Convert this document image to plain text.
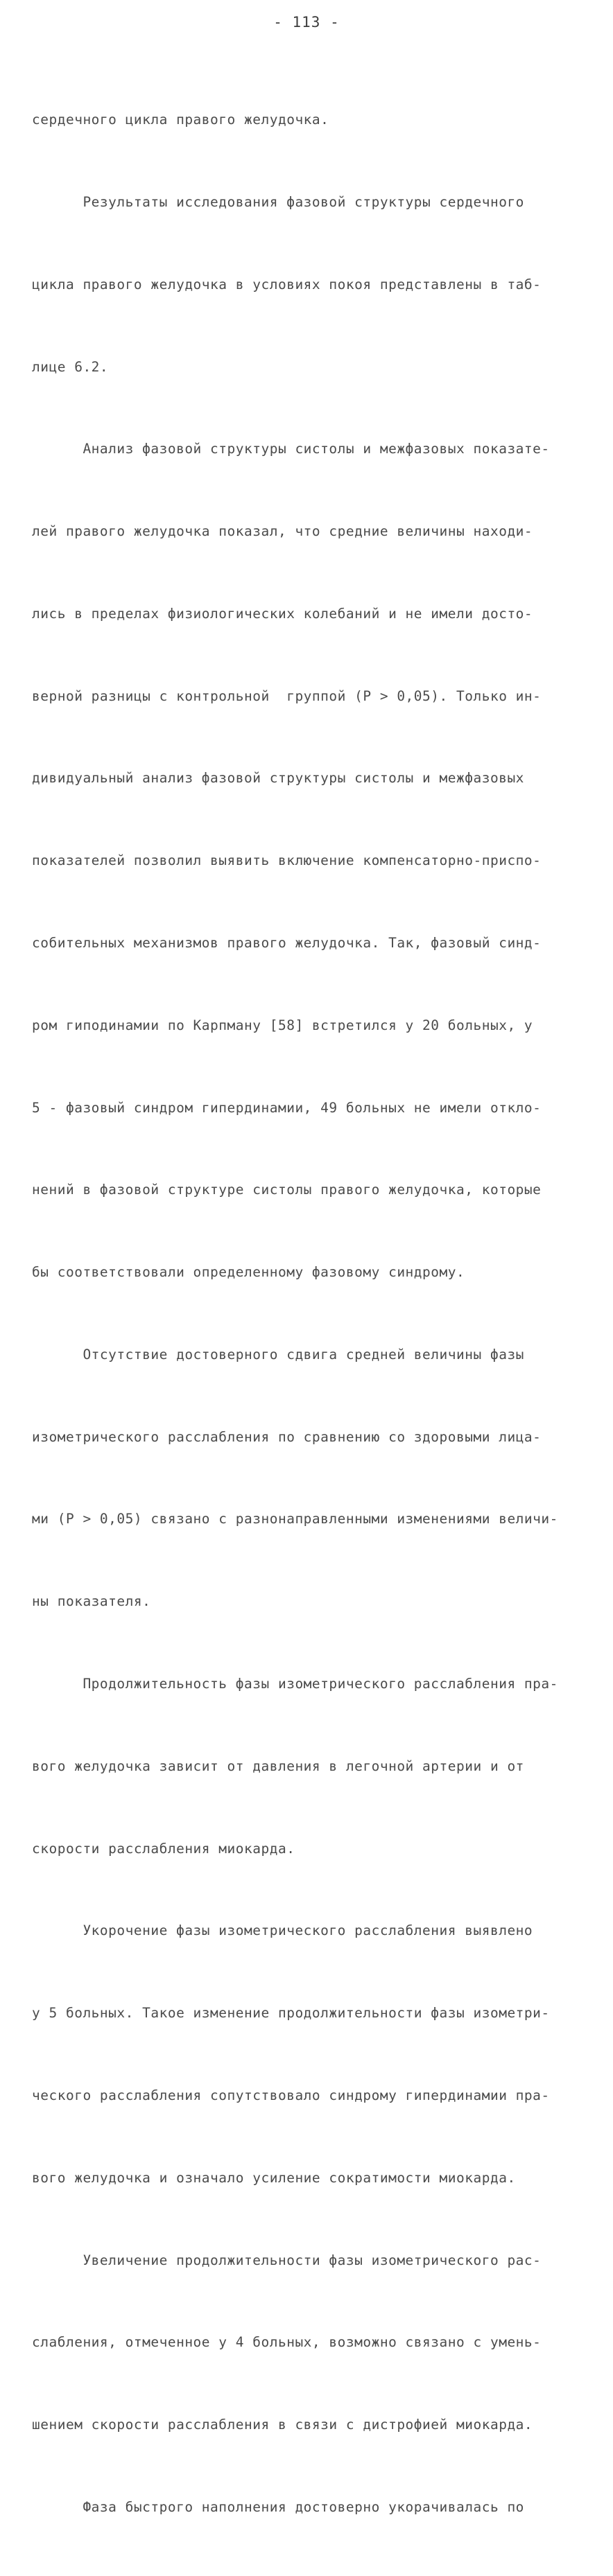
- 113 -

сердечного цикла правого желудочка.

Результаты исследования фазовой структуры сердечного

цикла правого желудочка в условиях покоя представлены в таб-

лице 6.2.

Анализ фазовой структуры систолы и межфазовых показате-

лей правого желудочка показал, что средние величины находи-

лись в пределах физиологических колебаний и не имели досто-

верной разницы с контрольной  группой (P > 0,05). Только ин-

дивидуальный анализ фазовой структуры систолы и межфазовых

показателей позволил выявить включение компенсаторно-приспо-

собительных механизмов правого желудочка. Так, фазовый синд-

ром гиподинамии по Карпману [58] встретился у 20 больных, у

5 - фазовый синдром гипердинамии, 49 больных не имели откло-

нений в фазовой структуре систолы правого желудочка, которые

бы соответствовали определенному фазовому синдрому.

Отсутствие достоверного сдвига средней величины фазы

изометрического расслабления по сравнению со здоровыми лица-

ми (P > 0,05) связано с разнонаправленными изменениями величи-

ны показателя.

Продолжительность фазы изометрического расслабления пра-

вого желудочка зависит от давления в легочной артерии и от

скорости расслабления миокарда.

Укорочение фазы изометрического расслабления выявлено

у 5 больных. Такое изменение продолжительности фазы изометри-

ческого расслабления сопутствовало синдрому гипердинамии пра-

вого желудочка и означало усиление сократимости миокарда.

Увеличение продолжительности фазы изометрического рас-

слабления, отмеченное у 4 больных, возможно связано с умень-

шением скорости расслабления в связи с дистрофией миокарда.

Фаза быстрого наполнения достоверно укорачивалась по
